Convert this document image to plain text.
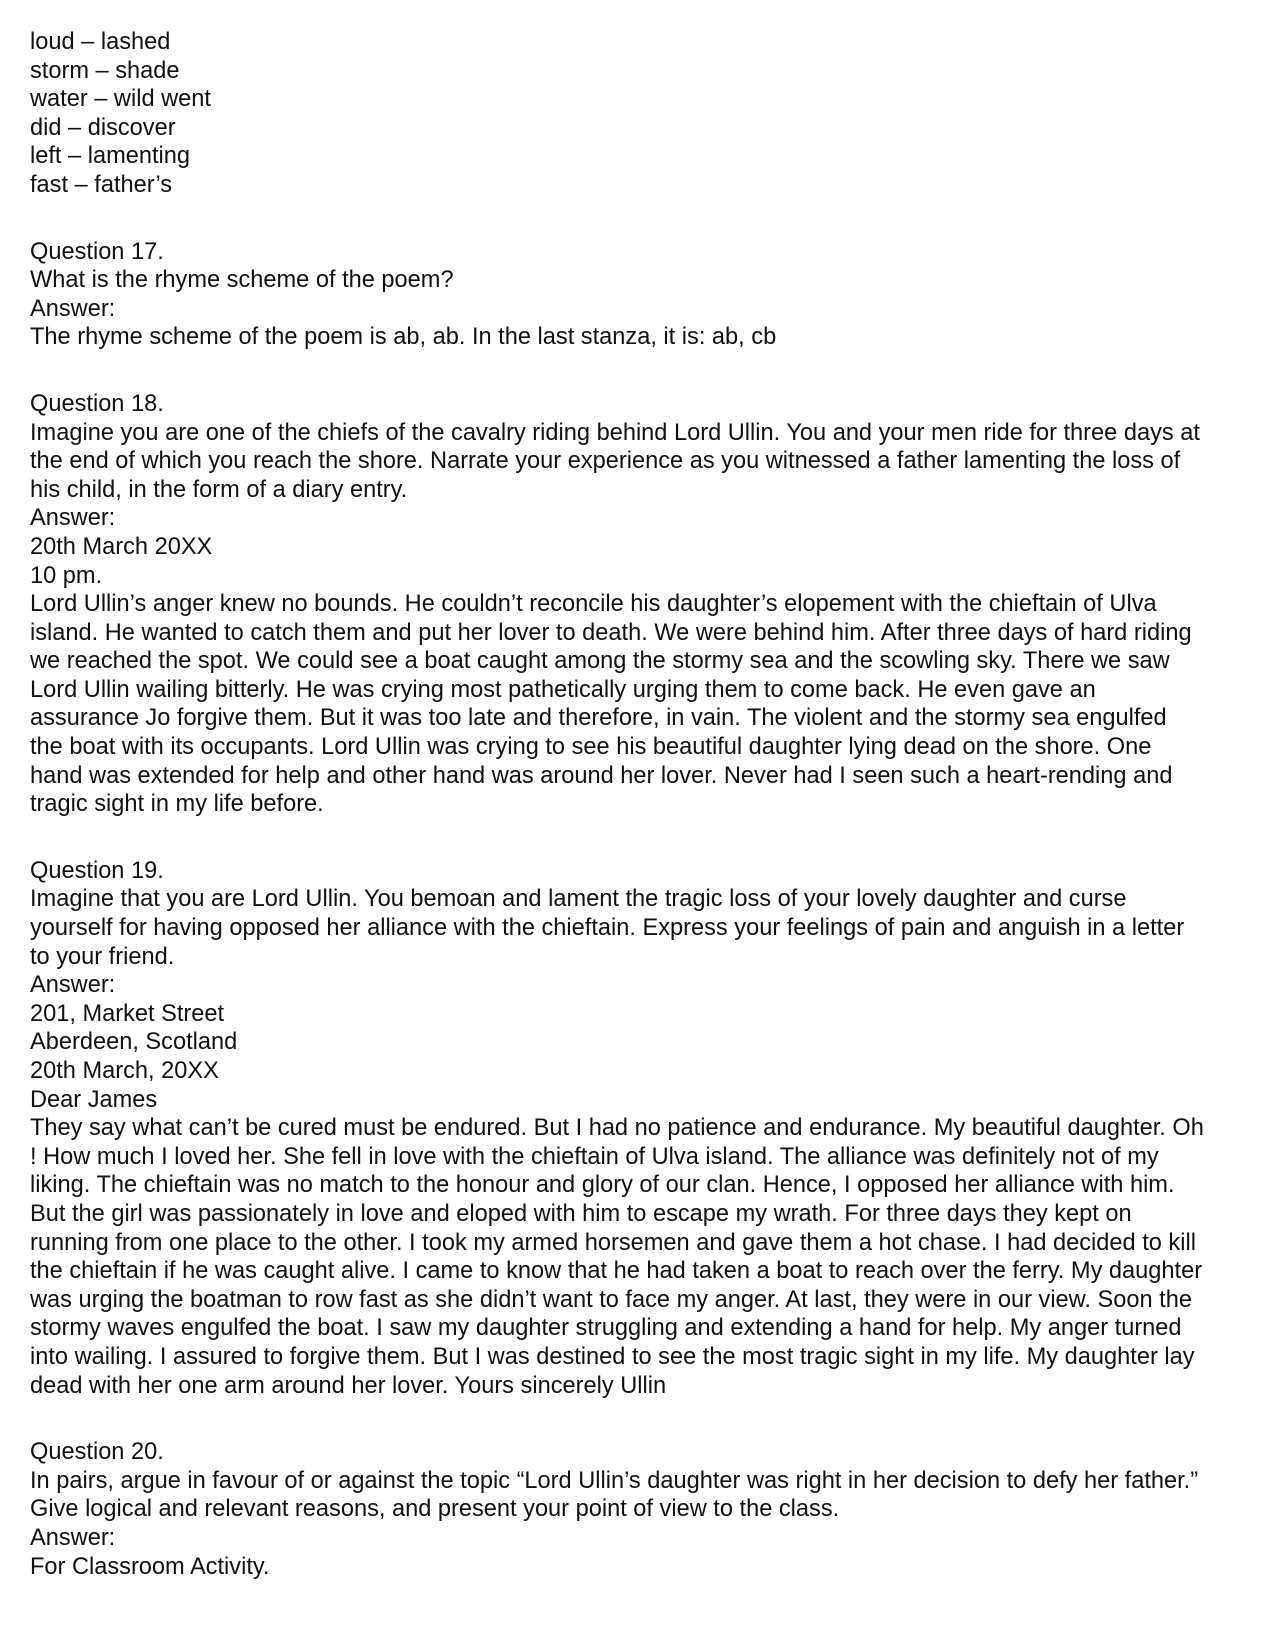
loud – lashed

storm – shade

water – wild went

did – discover

left – lamenting

fast – father’s

Question 17.

What is the rhyme scheme of the poem?

Answer:

The rhyme scheme of the poem is ab, ab. In the last stanza, it is: ab, cb

Question 18.

Imagine you are one of the chiefs of the cavalry riding behind Lord Ullin. You and your men ride for three days at

the end of which you reach the shore. Narrate your experience as you witnessed a father lamenting the loss of

his child, in the form of a diary entry.

Answer:

20th March 20XX

10 pm.

Lord Ullin’s anger knew no bounds. He couldn’t reconcile his daughter’s elopement with the chieftain of Ulva

island. He wanted to catch them and put her lover to death. We were behind him. After three days of hard riding

we reached the spot. We could see a boat caught among the stormy sea and the scowling sky. There we saw

Lord Ullin wailing bitterly. He was crying most pathetically urging them to come back. He even gave an

assurance Jo forgive them. But it was too late and therefore, in vain. The violent and the stormy sea engulfed

the boat with its occupants. Lord Ullin was crying to see his beautiful daughter lying dead on the shore. One

hand was extended for help and other hand was around her lover. Never had I seen such a heart-rending and

tragic sight in my life before.

Question 19.

Imagine that you are Lord Ullin. You bemoan and lament the tragic loss of your lovely daughter and curse

yourself for having opposed her alliance with the chieftain. Express your feelings of pain and anguish in a letter

to your friend.

Answer:

201, Market Street

Aberdeen, Scotland

20th March, 20XX

Dear James

They say what can’t be cured must be endured. But I had no patience and endurance. My beautiful daughter. Oh

! How much I loved her. She fell in love with the chieftain of Ulva island. The alliance was definitely not of my

liking. The chieftain was no match to the honour and glory of our clan. Hence, I opposed her alliance with him.

But the girl was passionately in love and eloped with him to escape my wrath. For three days they kept on

running from one place to the other. I took my armed horsemen and gave them a hot chase. I had decided to kill

the chieftain if he was caught alive. I came to know that he had taken a boat to reach over the ferry. My daughter

was urging the boatman to row fast as she didn’t want to face my anger. At last, they were in our view. Soon the

stormy waves engulfed the boat. I saw my daughter struggling and extending a hand for help. My anger turned

into wailing. I assured to forgive them. But I was destined to see the most tragic sight in my life. My daughter lay

dead with her one arm around her lover. Yours sincerely Ullin

Question 20.

In pairs, argue in favour of or against the topic “Lord Ullin’s daughter was right in her decision to defy her father.”

Give logical and relevant reasons, and present your point of view to the class.

Answer:

For Classroom Activity.
